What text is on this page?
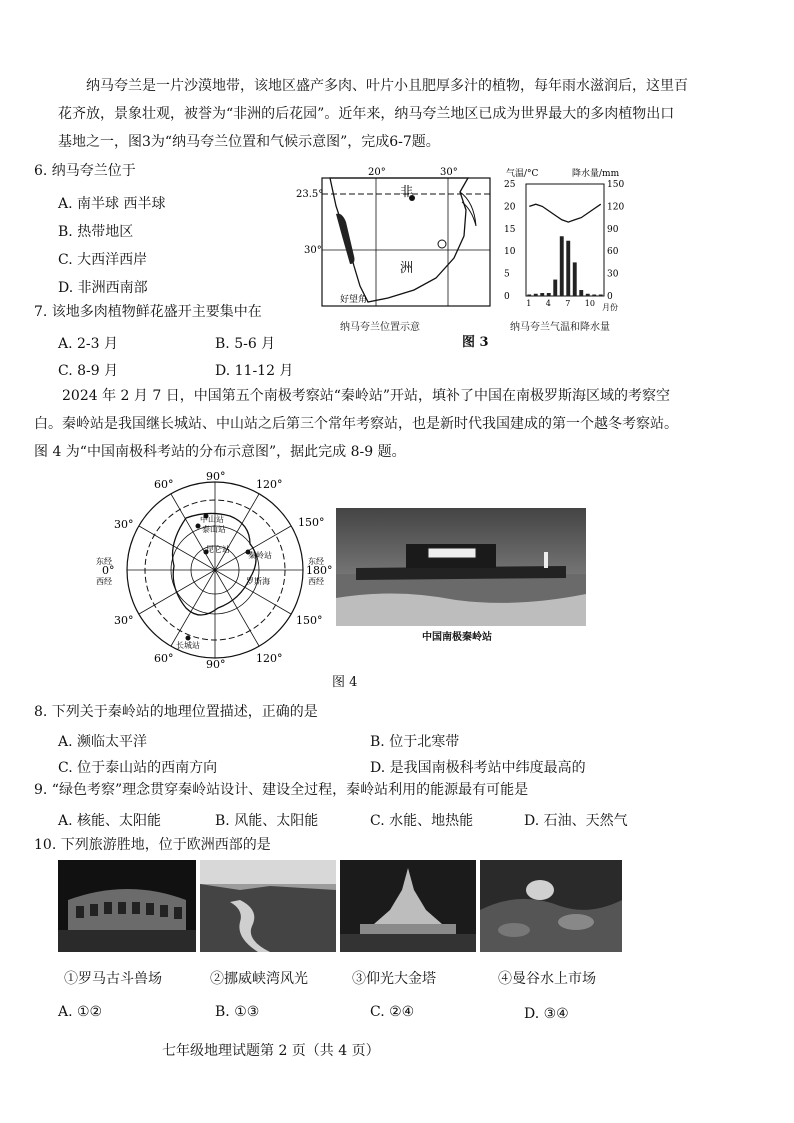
纳马夸兰是一片沙漠地带，该地区盛产多肉、叶片小且肥厚多汁的植物，每年雨水滋润后，这里百花齐放，景象壮观，被誉为“非洲的后花园”。近年来，纳马夸兰地区已成为世界最大的多肉植物出口基地之一，图3为“纳马夸兰位置和气候示意图”，完成6-7题。
6. 纳马夸兰位于
A. 南半球 西半球
B. 热带地区
C. 大西洋西岸
D. 非洲西南部
7. 该地多肉植物鲜花盛开主要集中在
A. 2-3 月	B. 5-6 月
C. 8-9 月	D. 11-12 月
23.5°
30°
20°	30°
非
洲
好望角
纳马夸兰位置示意
气温/°C	降水量/mm
25
20
15
10
5
0
150
120
90
60
30
0
1 4 7 10 月份
纳马夸兰气温和降水量
图 3
2024 年 2 月 7 日，中国第五个南极考察站“秦岭站”开站，填补了中国在南极罗斯海区域的考察空白。秦岭站是我国继长城站、中山站之后第三个常年考察站，也是新时代我国建成的第一个越冬考察站。图 4 为“中国南极科考站的分布示意图”，据此完成 8-9 题。
90°
60°	120°
30°	150°
东经
0°
西经
东经
180°
西经
30°	150°
60°	120°
90°
中山站
泰山站
昆仑站
秦岭站
罗斯海
长城站
中国南极秦岭站
图 4
8. 下列关于秦岭站的地理位置描述，正确的是
A. 濒临太平洋	B. 位于北寒带
C. 位于泰山站的西南方向	D. 是我国南极科考站中纬度最高的
9. “绿色考察”理念贯穿秦岭站设计、建设全过程，秦岭站利用的能源最有可能是
A. 核能、太阳能	B. 风能、太阳能	C. 水能、地热能	D. 石油、天然气
10. 下列旅游胜地，位于欧洲西部的是
①罗马古斗兽场	②挪威峡湾风光	③仰光大金塔	④曼谷水上市场
A. ①②	B. ①③	C. ②④	D. ③④
七年级地理试题第 2 页（共 4 页）
